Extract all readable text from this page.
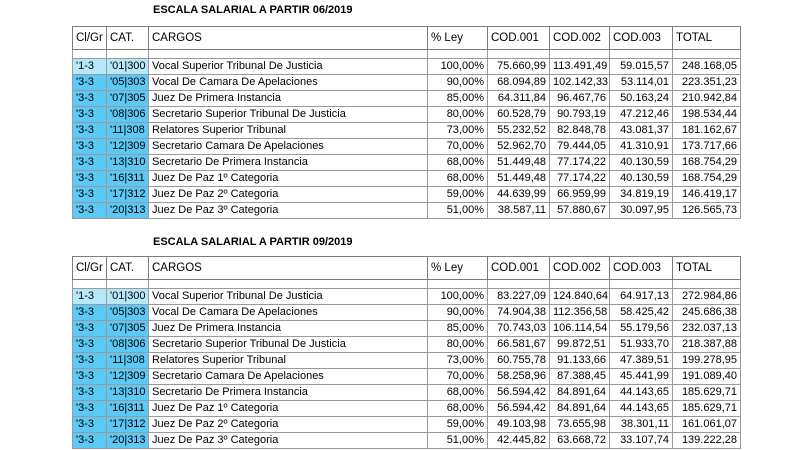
ESCALA SALARIAL A PARTIR 06/2019
Cl/Gr	CAT.	CARGOS	% Ley	COD.001	COD.002	COD.003	TOTAL

'1-3	'01|300	Vocal Superior Tribunal De Justicia	100,00%	75.660,99	113.491,49	59.015,57	248.168,05
'3-3	'05|303	Vocal De Camara De Apelaciones	90,00%	68.094,89	102.142,33	53.114,01	223.351,23
'3-3	'07|305	Juez De Primera Instancia	85,00%	64.311,84	96.467,76	50.163,24	210.942,84
'3-3	'08|306	Secretario Superior Tribunal De Justicia	80,00%	60.528,79	90.793,19	47.212,46	198.534,44
'3-3	'11|308	Relatores Superior Tribunal	73,00%	55.232,52	82.848,78	43.081,37	181.162,67
'3-3	'12|309	Secretario Camara De Apelaciones	70,00%	52.962,70	79.444,05	41.310,91	173.717,66
'3-3	'13|310	Secretario De Primera Instancia	68,00%	51.449,48	77.174,22	40.130,59	168.754,29
'3-3	'16|311	Juez De Paz 1º Categoria	68,00%	51.449,48	77.174,22	40.130,59	168.754,29
'3-3	'17|312	Juez De Paz 2º Categoria	59,00%	44.639,99	66.959,99	34.819,19	146.419,17
'3-3	'20|313	Juez De Paz 3º Categoria	51,00%	38.587,11	57.880,67	30.097,95	126.565,73
ESCALA SALARIAL A PARTIR 09/2019
Cl/Gr	CAT.	CARGOS	% Ley	COD.001	COD.002	COD.003	TOTAL

'1-3	'01|300	Vocal Superior Tribunal De Justicia	100,00%	83.227,09	124.840,64	64.917,13	272.984,86
'3-3	'05|303	Vocal De Camara De Apelaciones	90,00%	74.904,38	112.356,58	58.425,42	245.686,38
'3-3	'07|305	Juez De Primera Instancia	85,00%	70.743,03	106.114,54	55.179,56	232.037,13
'3-3	'08|306	Secretario Superior Tribunal De Justicia	80,00%	66.581,67	99.872,51	51.933,70	218.387,88
'3-3	'11|308	Relatores Superior Tribunal	73,00%	60.755,78	91.133,66	47.389,51	199.278,95
'3-3	'12|309	Secretario Camara De Apelaciones	70,00%	58.258,96	87.388,45	45.441,99	191.089,40
'3-3	'13|310	Secretario De Primera Instancia	68,00%	56.594,42	84.891,64	44.143,65	185.629,71
'3-3	'16|311	Juez De Paz 1º Categoria	68,00%	56.594,42	84.891,64	44.143,65	185.629,71
'3-3	'17|312	Juez De Paz 2º Categoria	59,00%	49.103,98	73.655,98	38.301,11	161.061,07
'3-3	'20|313	Juez De Paz 3º Categoria	51,00%	42.445,82	63.668,72	33.107,74	139.222,28
